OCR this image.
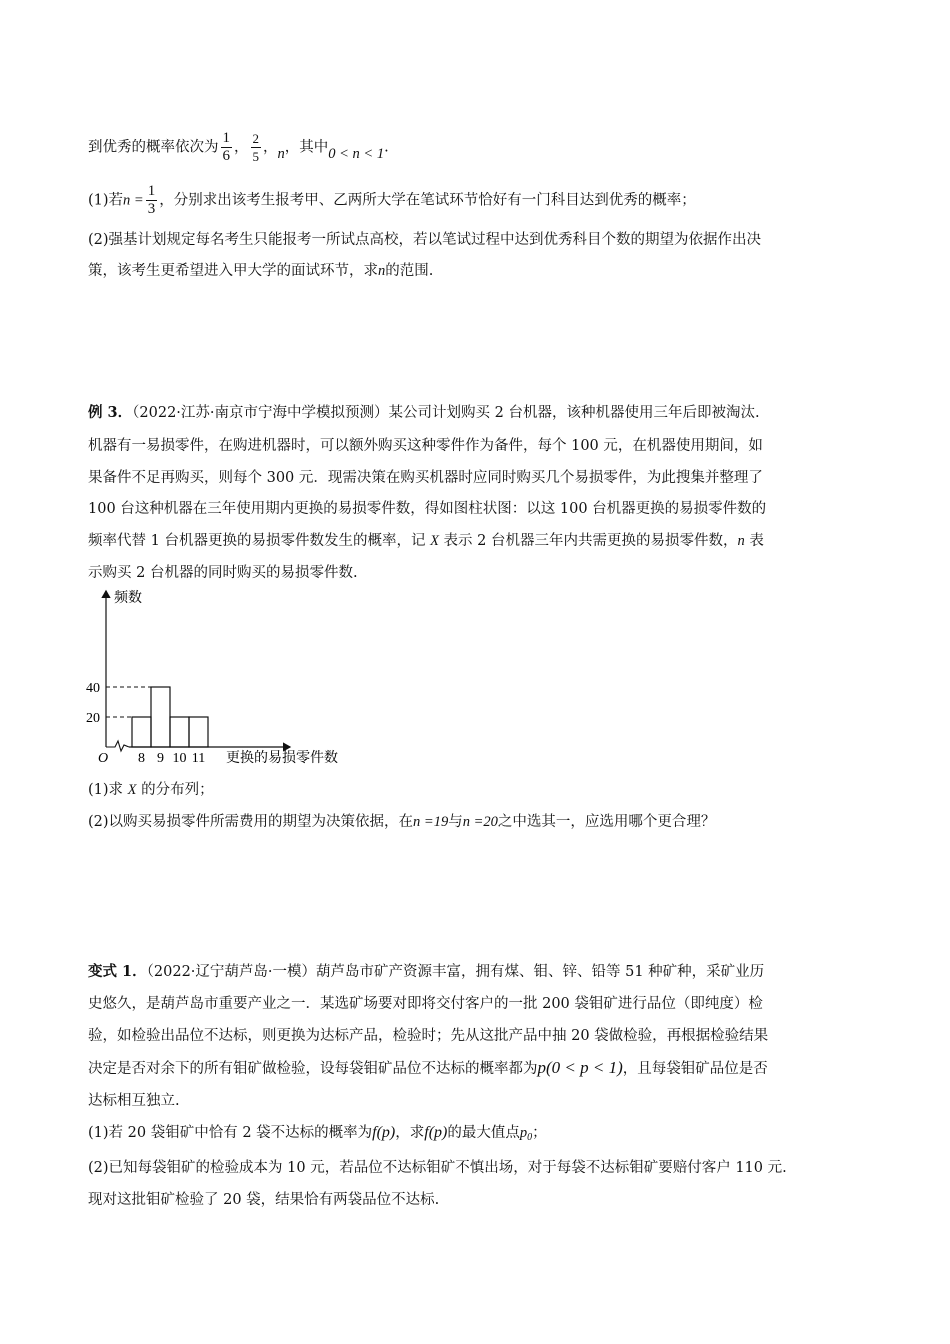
到优秀的概率依次为 $\frac{1}{6}$ ， $\frac{2}{5}$ ，n，其中0 < n < 1.
(1)若$n = \frac{1}{3}$ ，分别求出该考生报考甲、乙两所大学在笔试环节恰好有一门科目达到优秀的概率；
(2)强基计划规定每名考生只能报考一所试点高校，若以笔试过程中达到优秀科目个数的期望为依据作出决
策，该考生更希望进入甲大学的面试环节，求n的范围.
例 3．（2022·江苏·南京市宁海中学模拟预测）某公司计划购买 2 台机器，该种机器使用三年后即被淘汰.
机器有一易损零件，在购进机器时，可以额外购买这种零件作为备件，每个 100 元，在机器使用期间，如
果备件不足再购买，则每个 300 元．现需决策在购买机器时应同时购买几个易损零件，为此搜集并整理了
100 台这种机器在三年使用期内更换的易损零件数，得如图柱状图：以这 100 台机器更换的易损零件数的
频率代替 1 台机器更换的易损零件数发生的概率，记 X 表示 2 台机器三年内共需更换的易损零件数，n 表
示购买 2 台机器的同时购买的易损零件数.
频数
更换的易损零件数
O
20
40
8 9 10 11
(1)求 X 的分布列；
(2)以购买易损零件所需费用的期望为决策依据，在n =19与n =20之中选其一，应选用哪个更合理？
变式 1．（2022·辽宁葫芦岛·一模）葫芦岛市矿产资源丰富，拥有煤、钼、锌、铅等 51 种矿种，采矿业历
史悠久，是葫芦岛市重要产业之一．某选矿场要对即将交付客户的一批 200 袋钼矿进行品位（即纯度）检
验，如检验出品位不达标，则更换为达标产品，检验时；先从这批产品中抽 20 袋做检验，再根据检验结果
决定是否对余下的所有钼矿做检验，设每袋钼矿品位不达标的概率都为p(0 < p < 1)，且每袋钼矿品位是否
达标相互独立.
(1)若 20 袋钼矿中恰有 2 袋不达标的概率为f(p)，求f(p)的最大值点$p_0$；
(2)已知每袋钼矿的检验成本为 10 元，若品位不达标钼矿不慎出场，对于每袋不达标钼矿要赔付客户 110 元.
现对这批钼矿检验了 20 袋，结果恰有两袋品位不达标.
